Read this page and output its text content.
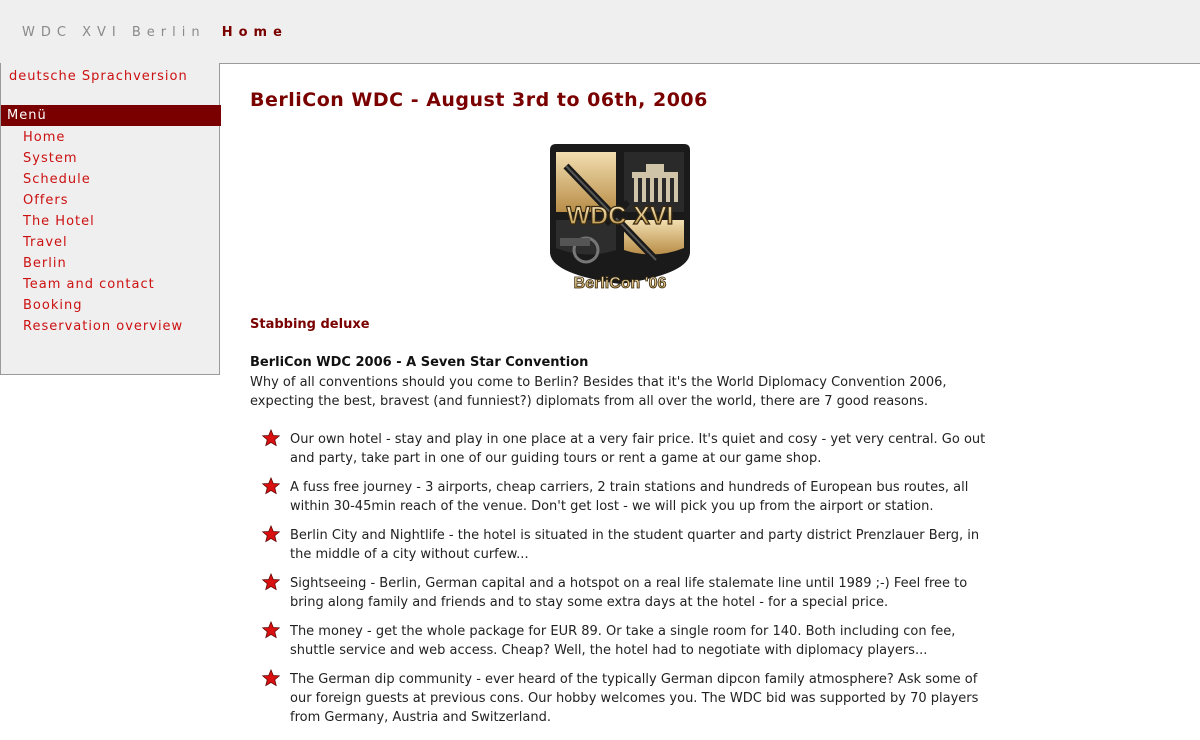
WDC XVI Berlin Home
deutsche Sprachversion
Menü
Home
System
Schedule
Offers
The Hotel
Travel
Berlin
Team and contact
Booking
Reservation overview
BerliCon WDC - August 3rd to 06th, 2006
WDC XVI
BerliCon '06
Stabbing deluxe
BerliCon WDC 2006 - A Seven Star Convention

Why of all conventions should you come to Berlin? Besides that it's the World Diplomacy Convention 2006, expecting the best, bravest (and funniest?) diplomats from all over the world, there are 7 good reasons.

Our own hotel - stay and play in one place at a very fair price. It's quiet and cosy - yet very central. Go out and party, take part in one of our guiding tours or rent a game at our game shop.
A fuss free journey - 3 airports, cheap carriers, 2 train stations and hundreds of European bus routes, all within 30-45min reach of the venue. Don't get lost - we will pick you up from the airport or station.
Berlin City and Nightlife - the hotel is situated in the student quarter and party district Prenzlauer Berg, in the middle of a city without curfew...
Sightseeing - Berlin, German capital and a hotspot on a real life stalemate line until 1989 ;-) Feel free to bring along family and friends and to stay some extra days at the hotel - for a special price.
The money - get the whole package for EUR 89. Or take a single room for 140. Both including con fee, shuttle service and web access. Cheap? Well, the hotel had to negotiate with diplomacy players...
The German dip community - ever heard of the typically German dipcon family atmosphere? Ask some of our foreign guests at previous cons. Our hobby welcomes you. The WDC bid was supported by 70 players from Germany, Austria and Switzerland.
